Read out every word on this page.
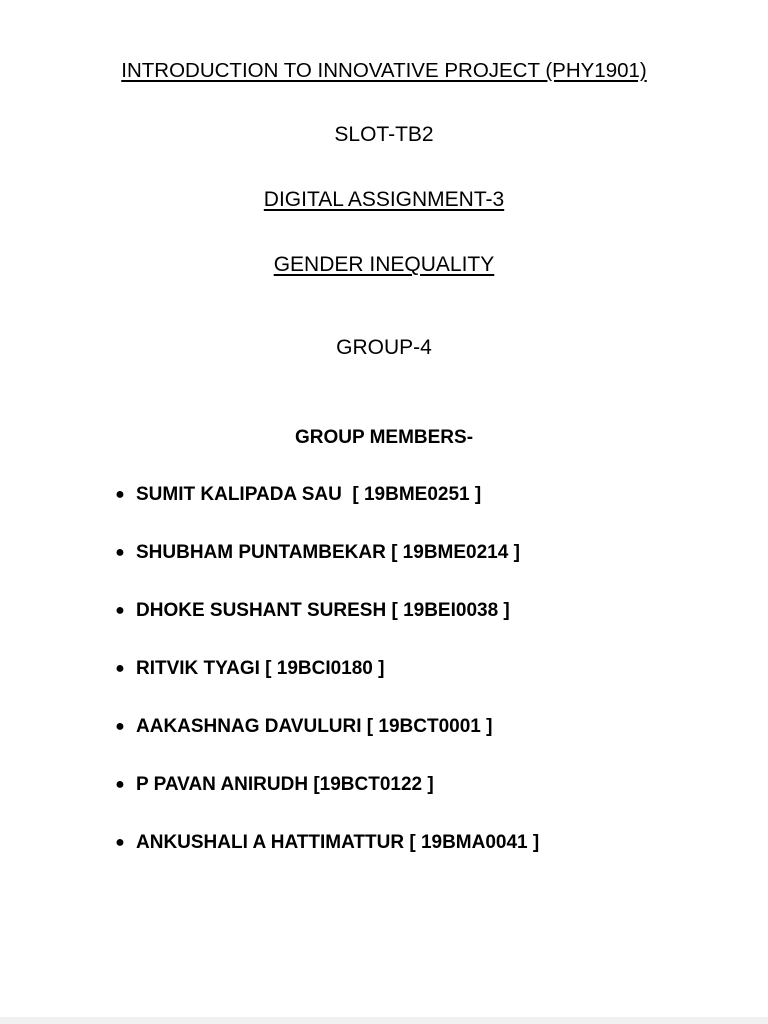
INTRODUCTION TO INNOVATIVE PROJECT (PHY1901)
SLOT-TB2
DIGITAL ASSIGNMENT-3
GENDER INEQUALITY
GROUP-4
GROUP MEMBERS-
● SUMIT KALIPADA SAU  [ 19BME0251 ]
● SHUBHAM PUNTAMBEKAR [ 19BME0214 ]
● DHOKE SUSHANT SURESH [ 19BEI0038 ]
● RITVIK TYAGI [ 19BCI0180 ]
● AAKASHNAG DAVULURI [ 19BCT0001 ]
● P PAVAN ANIRUDH [19BCT0122 ]
● ANKUSHALI A HATTIMATTUR [ 19BMA0041 ]
